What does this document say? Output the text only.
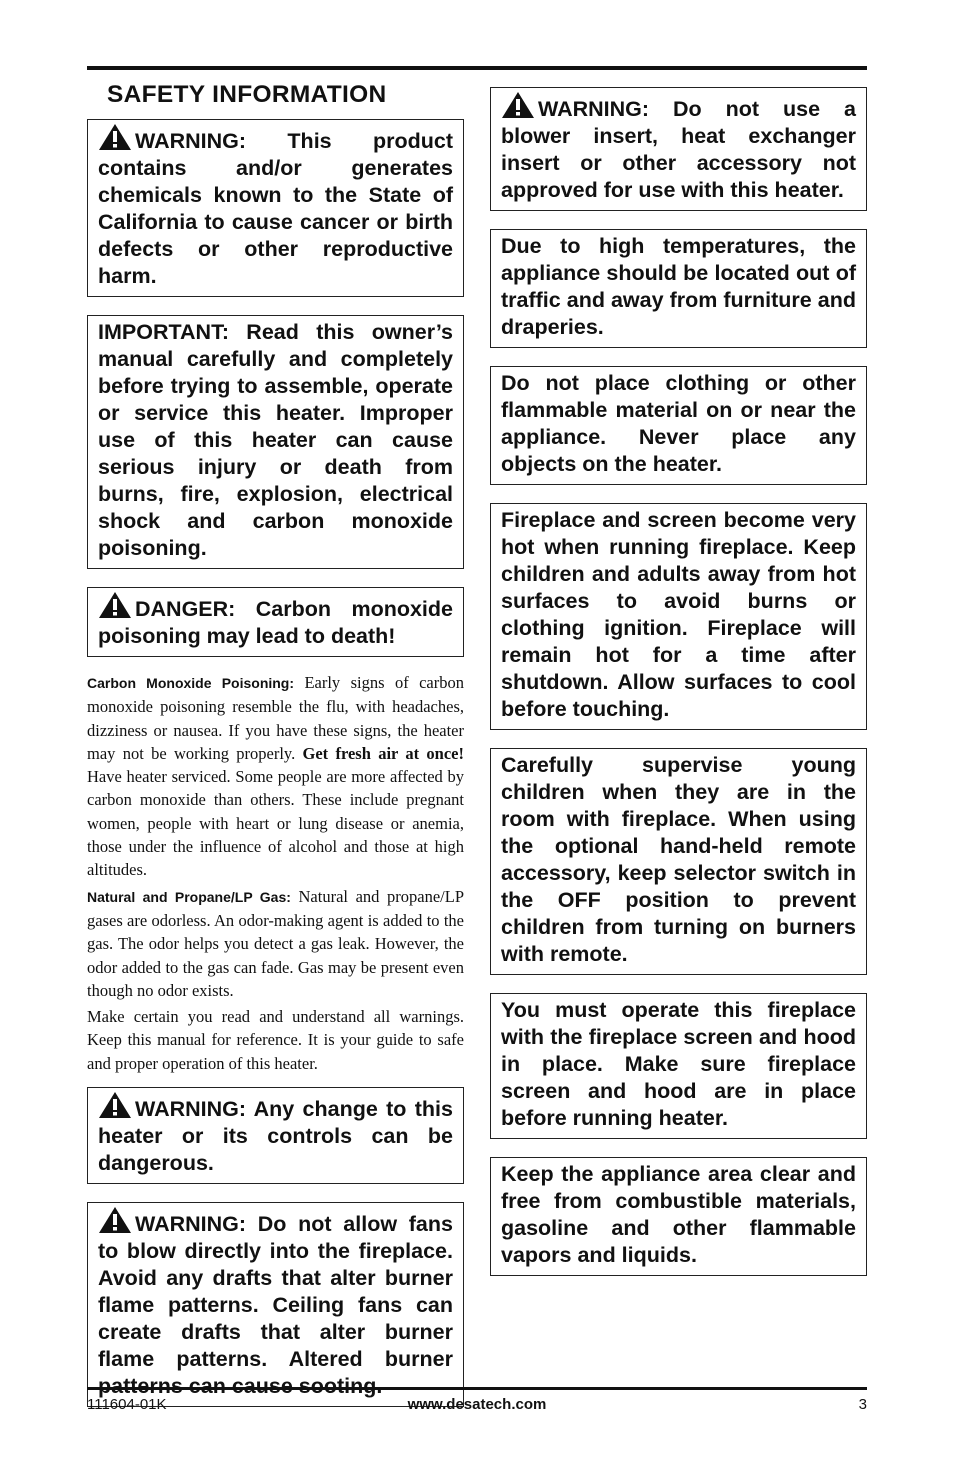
SAFETY INFORMATION
WARNING: This product contains and/or generates chemicals known to the State of California to cause cancer or birth defects or other reproductive harm.
IMPORTANT: Read this owner’s manual carefully and completely before trying to assemble, operate or service this heater. Improper use of this heater can cause serious injury or death from burns, fire, explosion, electrical shock and carbon monoxide poisoning.
DANGER: Carbon monoxide poisoning may lead to death!

Carbon Monoxide Poisoning: Early signs of carbon monoxide poisoning resemble the flu, with headaches, dizziness or nausea. If you have these signs, the heater may not be working properly. Get fresh air at once! Have heater serviced. Some people are more affected by carbon monoxide than others. These include pregnant women, people with heart or lung disease or anemia, those under the influence of alcohol and those at high altitudes.

Natural and Propane/LP Gas: Natural and propane/LP gases are odorless. An odor-making agent is added to the gas. The odor helps you detect a gas leak. However, the odor added to the gas can fade. Gas may be present even though no odor exists.

Make certain you read and understand all warnings. Keep this manual for reference. It is your guide to safe and proper operation of this heater.

WARNING: Any change to this heater or its controls can be dangerous.
WARNING: Do not allow fans to blow directly into the fireplace. Avoid any drafts that alter burner flame patterns. Ceiling fans can create drafts that alter burner flame patterns. Altered burner
WARNING: Do not use a blower insert, heat exchanger insert or other accessory not approved for use with this heater.
Due to high temperatures, the appliance should be located out of traffic and away from furniture and draperies.
Do not place clothing or other flammable material on or near the appliance. Never place any objects on the heater.
Fireplace and screen become very hot when running fireplace. Keep children and adults away from hot surfaces to avoid burns or clothing ignition. Fireplace will remain hot for a time after shutdown. Allow surfaces to cool before touching.
Carefully supervise young children when they are in the room with fireplace. When using the optional hand-held remote accessory, keep selector switch in the OFF position to prevent children from turning on burners with remote.
You must operate this fireplace with the fireplace screen and hood in place. Make sure fireplace screen and hood are in place before running heater.
Keep the appliance area clear and free from combustible materials, gasoline and other flammable vapors and liquids.
111604-01K	www.desatech.com	3
